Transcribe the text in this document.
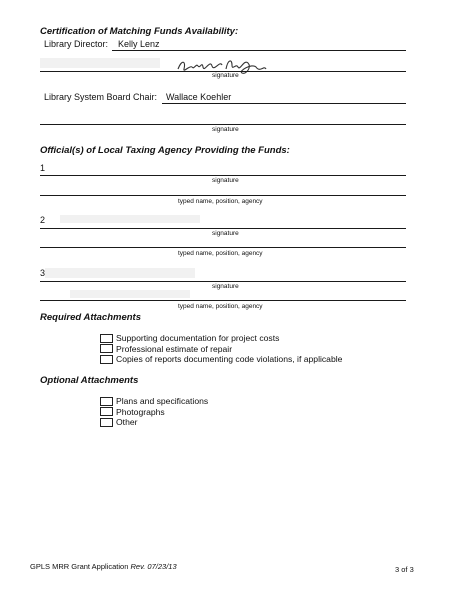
Certification of Matching Funds Availability:
Library Director: Kelly Lenz
signature
Library System Board Chair: Wallace Koehler
signature
Official(s) of Local Taxing Agency Providing the Funds:
1
signature
typed name, position, agency
2
signature
typed name, position, agency
3
signature
typed name, position, agency
Required Attachments
Supporting documentation for project costs
Professional estimate of repair
Copies of reports documenting code violations, if applicable
Optional Attachments
Plans and specifications
Photographs
Other
GPLS MRR Grant Application Rev. 07/23/13	3 of 3
